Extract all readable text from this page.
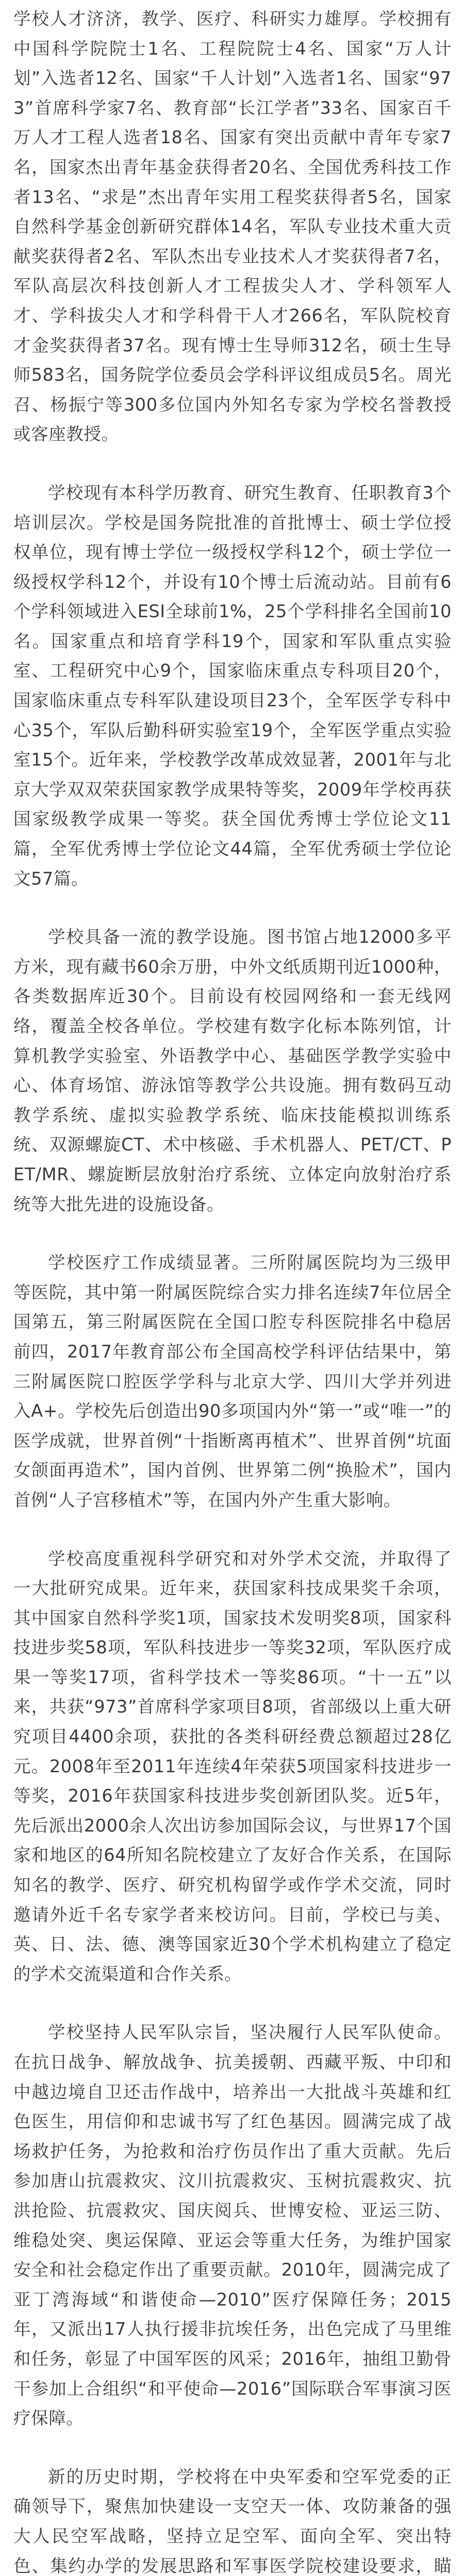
学校人才济济，教学、医疗、科研实力雄厚。学校拥有中国科学院院士1名、工程院院士4名、国家“万人计划”入选者12名、国家“千人计划”入选者1名、国家“973”首席科学家7名、教育部“长江学者”33名、国家百千万人才工程人选者18名、国家有突出贡献中青年专家7名，国家杰出青年基金获得者20名、全国优秀科技工作者13名、“求是”杰出青年实用工程奖获得者5名，国家自然科学基金创新研究群体14名，军队专业技术重大贡献奖获得者2名、军队杰出专业技术人才奖获得者7名，军队高层次科技创新人才工程拔尖人才、学科领军人才、学科拔尖人才和学科骨干人才266名，军队院校育才金奖获得者37名。现有博士生导师312名，硕士生导师583名，国务院学位委员会学科评议组成员5名。周光召、杨振宁等300多位国内外知名专家为学校名誉教授或客座教授。

学校现有本科学历教育、研究生教育、任职教育3个培训层次。学校是国务院批准的首批博士、硕士学位授权单位，现有博士学位一级授权学科12个，硕士学位一级授权学科12个，并设有10个博士后流动站。目前有6个学科领域进入ESI全球前1%，25个学科排名全国前10名。国家重点和培育学科19个，国家和军队重点实验室、工程研究中心9个，国家临床重点专科项目20个，国家临床重点专科军队建设项目23个，全军医学专科中心35个，军队后勤科研实验室19个，全军医学重点实验室15个。近年来，学校教学改革成效显著，2001年与北京大学双双荣获国家教学成果特等奖，2009年学校再获国家级教学成果一等奖。获全国优秀博士学位论文11篇，全军优秀博士学位论文44篇，全军优秀硕士学位论文57篇。

学校具备一流的教学设施。图书馆占地12000多平方米，现有藏书60余万册，中外文纸质期刊近1000种，各类数据库近30个。目前设有校园网络和一套无线网络，覆盖全校各单位。学校建有数字化标本陈列馆，计算机教学实验室、外语教学中心、基础医学教学实验中心、体育场馆、游泳馆等教学公共设施。拥有数码互动教学系统、虚拟实验教学系统、临床技能模拟训练系统、双源螺旋CT、术中核磁、手术机器人、PET/CT、PET/MR、螺旋断层放射治疗系统、立体定向放射治疗系统等大批先进的设施设备。

学校医疗工作成绩显著。三所附属医院均为三级甲等医院，其中第一附属医院综合实力排名连续7年位居全国第五，第三附属医院在全国口腔专科医院排名中稳居前四，2017年教育部公布全国高校学科评估结果中，第三附属医院口腔医学学科与北京大学、四川大学并列进入A+。学校先后创造出90多项国内外“第一”或“唯一”的医学成就，世界首例“十指断离再植术”、世界首例“坑面女颌面再造术”，国内首例、世界第二例“换脸术”，国内首例“人子宫移植术”等，在国内外产生重大影响。

学校高度重视科学研究和对外学术交流，并取得了一大批研究成果。近年来，获国家科技成果奖千余项，其中国家自然科学奖1项，国家技术发明奖8项，国家科技进步奖58项，军队科技进步一等奖32项，军队医疗成果一等奖17项，省科学技术一等奖86项。“十一五”以来，共获“973”首席科学家项目8项，省部级以上重大研究项目4400余项，获批的各类科研经费总额超过28亿元。2008年至2011年连续4年荣获5项国家科技进步一等奖，2016年获国家科技进步奖创新团队奖。近5年，先后派出2000余人次出访参加国际会议，与世界17个国家和地区的64所知名院校建立了友好合作关系，在国际知名的教学、医疗、研究机构留学或作学术交流，同时邀请外近千名专家学者来校访问。目前，学校已与美、英、日、法、德、澳等国家近30个学术机构建立了稳定的学术交流渠道和合作关系。

学校坚持人民军队宗旨，坚决履行人民军队使命。在抗日战争、解放战争、抗美援朝、西藏平叛、中印和中越边境自卫还击作战中，培养出一大批战斗英雄和红色医生，用信仰和忠诚书写了红色基因。圆满完成了战场救护任务，为抢救和治疗伤员作出了重大贡献。先后参加唐山抗震救灾、汶川抗震救灾、玉树抗震救灾、抗洪抢险、抗震救灾、国庆阅兵、世博安检、亚运三防、维稳处突、奥运保障、亚运会等重大任务，为维护国家安全和社会稳定作出了重要贡献。2010年，圆满完成了亚丁湾海域“和谐使命—2010”医疗保障任务；2015年，又派出17人执行援非抗埃任务，出色完成了马里维和任务，彰显了中国军医的风采；2016年，抽组卫勤骨干参加上合组织“和平使命—2016”国际联合军事演习医疗保障。

新的历史时期，学校将在中央军委和空军党委的正确领导下，聚焦加快建设一支空天一体、攻防兼备的强大人民空军战略，坚持立足空军、面向全军、突出特色、集约办学的发展思路和军事医学院校建设要求，瞄
